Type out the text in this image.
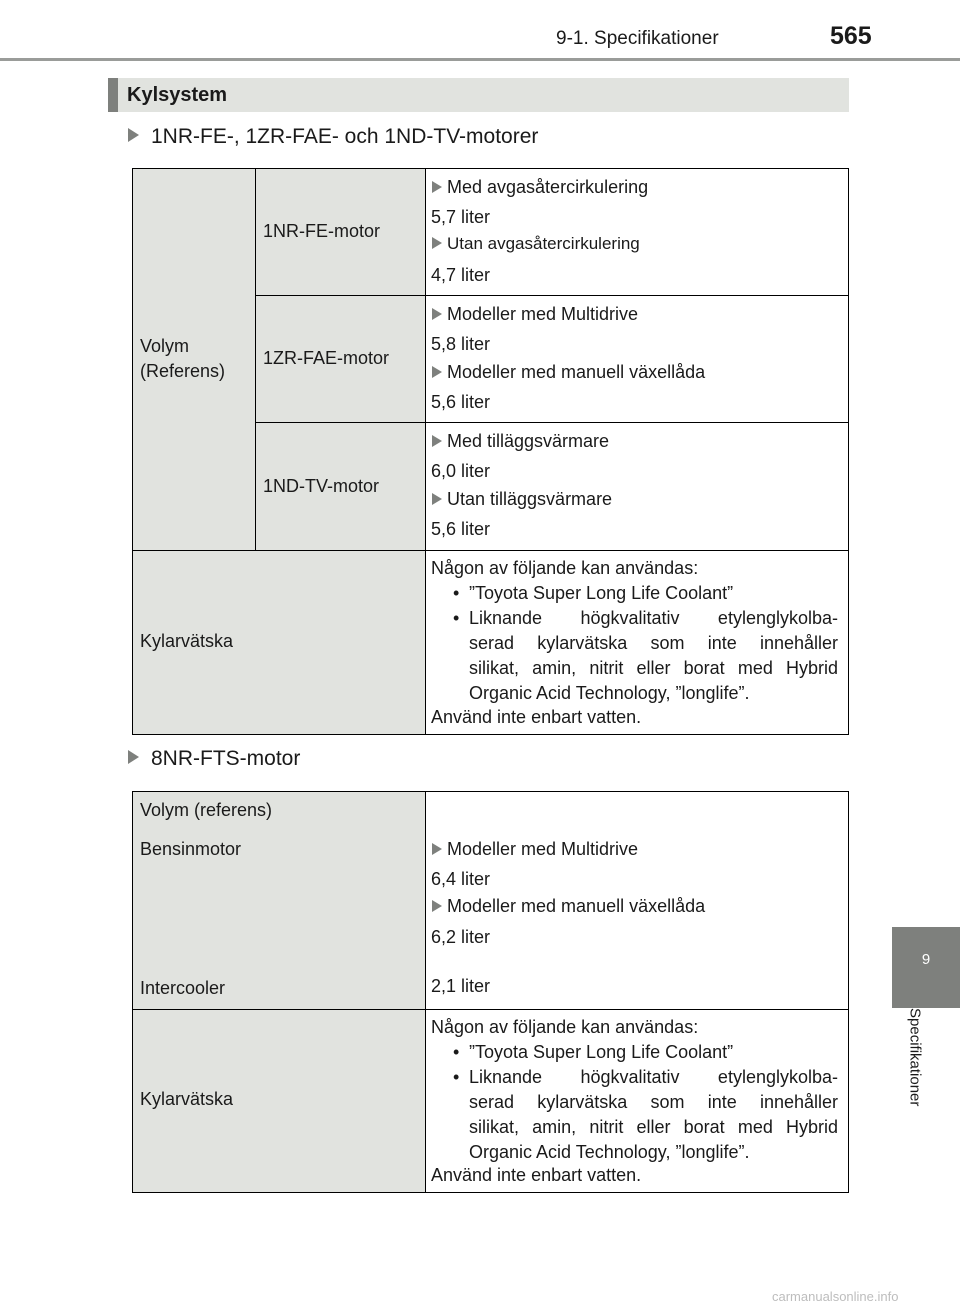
9-1. Specifikationer	565
9
Specifikationer
Kylsystem
1NR-FE-, 1ZR-FAE- och 1ND-TV-motorer
Volym
(Referens)
1NR-FE-motor
1ZR-FAE-motor
1ND-TV-motor
Med avgasåtercirkulering
5,7 liter
Utan avgasåtercirkulering
4,7 liter
Modeller med Multidrive
5,8 liter
Modeller med manuell växellåda
5,6 liter
Med tilläggsvärmare
6,0 liter
Utan tilläggsvärmare
5,6 liter
Kylarvätska
Någon av följande kan användas:
• ”Toyota Super Long Life Coolant”
• Liknande högkvalitativ etylenglykolba-
serad kylarvätska som inte innehåller
silikat, amin, nitrit eller borat med Hybrid
Organic Acid Technology, ”longlife”.
Använd inte enbart vatten.
8NR-FTS-motor
Volym (referens)
Bensinmotor
Intercooler
Modeller med Multidrive
6,4 liter
Modeller med manuell växellåda
6,2 liter
2,1 liter
Kylarvätska
Någon av följande kan användas:
• ”Toyota Super Long Life Coolant”
• Liknande högkvalitativ etylenglykolba-
serad kylarvätska som inte innehåller
silikat, amin, nitrit eller borat med Hybrid
Organic Acid Technology, ”longlife”.
Använd inte enbart vatten.
carmanualsonline.info
